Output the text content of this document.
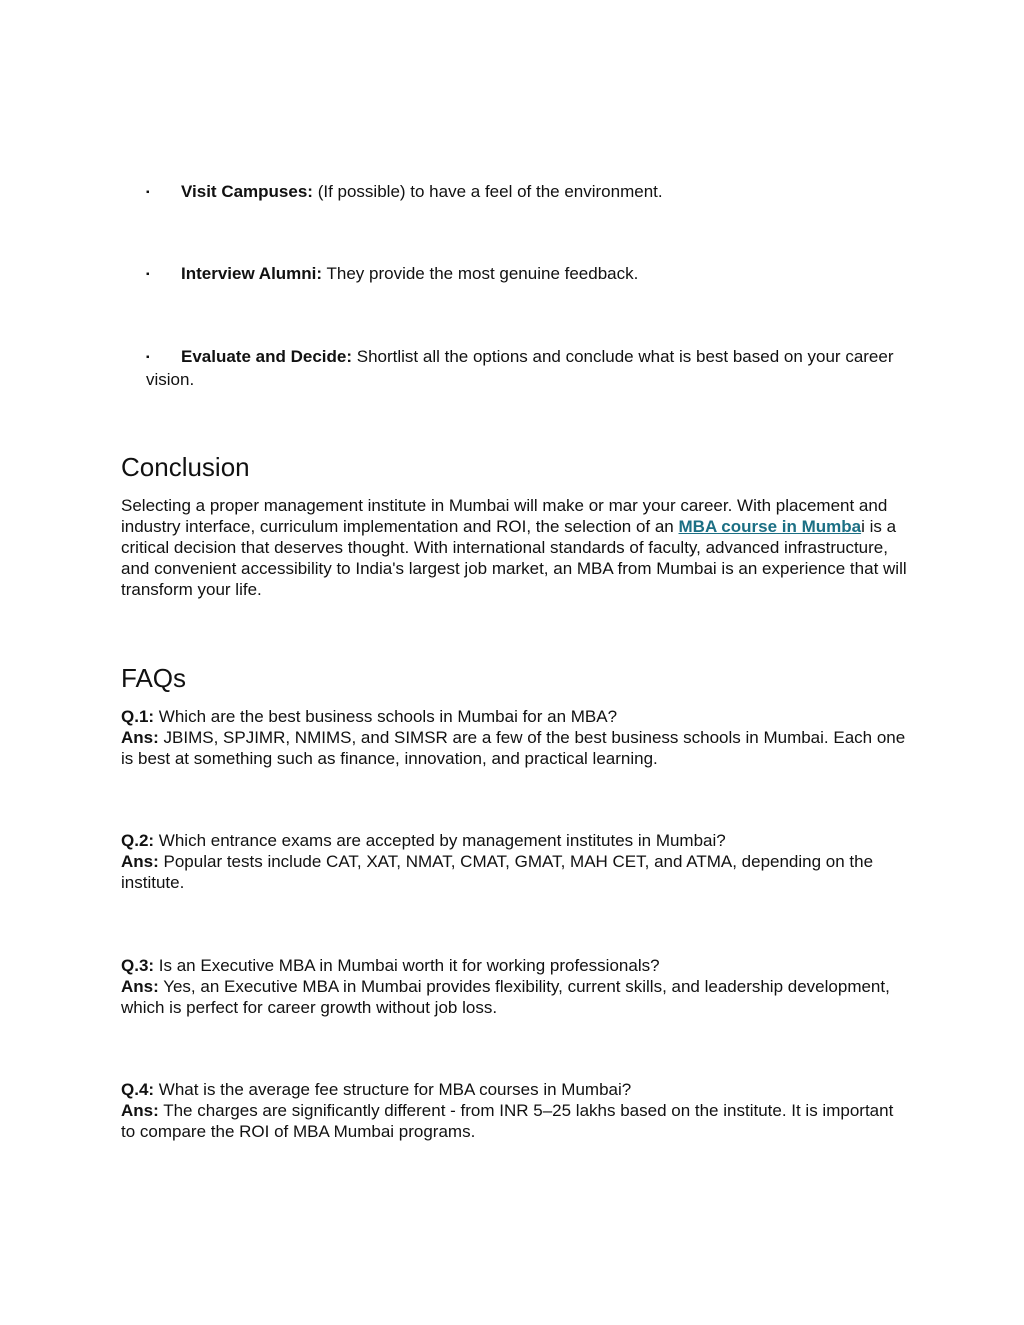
▪ Visit Campuses: (If possible) to have a feel of the environment.
▪ Interview Alumni: They provide the most genuine feedback.
▪ Evaluate and Decide: Shortlist all the options and conclude what is best based on your career vision.
Conclusion

Selecting a proper management institute in Mumbai will make or mar your career. With placement and industry interface, curriculum implementation and ROI, the selection of an MBA course in Mumbai is a critical decision that deserves thought. With international standards of faculty, advanced infrastructure, and convenient accessibility to India's largest job market, an MBA from Mumbai is an experience that will transform your life.

FAQs
Q.1: Which are the best business schools in Mumbai for an MBA?
Ans: JBIMS, SPJIMR, NMIMS, and SIMSR are a few of the best business schools in Mumbai. Each one is best at something such as finance, innovation, and practical learning.
Q.2: Which entrance exams are accepted by management institutes in Mumbai?
Ans: Popular tests include CAT, XAT, NMAT, CMAT, GMAT, MAH CET, and ATMA, depending on the institute.
Q.3: Is an Executive MBA in Mumbai worth it for working professionals?
Ans: Yes, an Executive MBA in Mumbai provides flexibility, current skills, and leadership development, which is perfect for career growth without job loss.
Q.4: What is the average fee structure for MBA courses in Mumbai?
Ans: The charges are significantly different - from INR 5–25 lakhs based on the institute. It is important to compare the ROI of MBA Mumbai programs.
